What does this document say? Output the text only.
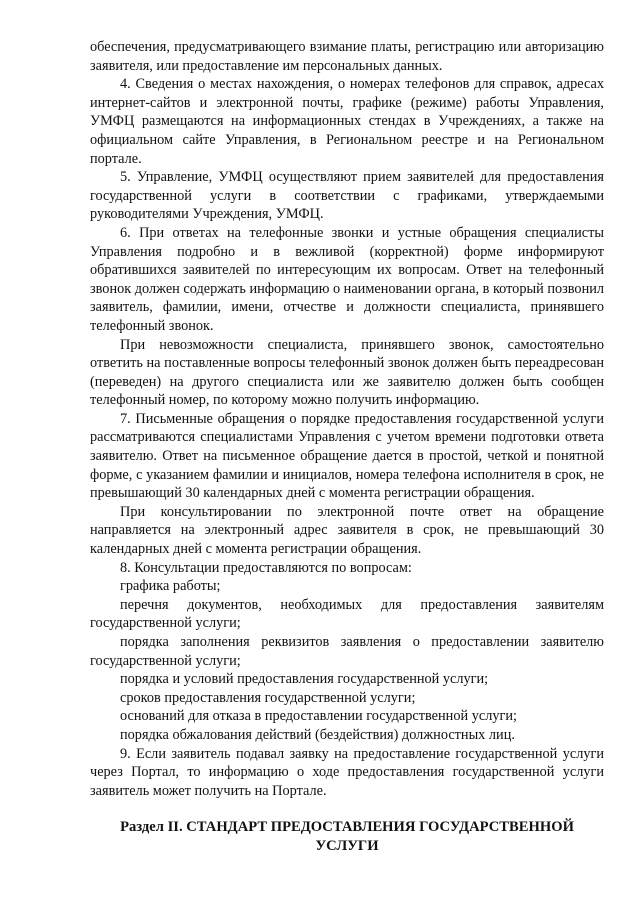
обеспечения, предусматривающего взимание платы, регистрацию или авторизацию заявителя, или предоставление им персональных данных.

4. Сведения о местах нахождения, о номерах телефонов для справок, адресах интернет-сайтов и электронной почты, графике (режиме) работы Управления, УМФЦ размещаются на информационных стендах в Учреждениях, а также на официальном сайте Управления, в Региональном реестре и на Региональном портале.

5. Управление, УМФЦ осуществляют прием заявителей для предоставления государственной услуги в соответствии с графиками, утверждаемыми руководителями Учреждения, УМФЦ.

6. При ответах на телефонные звонки и устные обращения специалисты Управления подробно и в вежливой (корректной) форме информируют обратившихся заявителей по интересующим их вопросам. Ответ на телефонный звонок должен содержать информацию о наименовании органа, в который позвонил заявитель, фамилии, имени, отчестве и должности специалиста, принявшего телефонный звонок.

При невозможности специалиста, принявшего звонок, самостоятельно ответить на поставленные вопросы телефонный звонок должен быть переадресован (переведен) на другого специалиста или же заявителю должен быть сообщен телефонный номер, по которому можно получить информацию.

7. Письменные обращения о порядке предоставления государственной услуги рассматриваются специалистами Управления с учетом времени подготовки ответа заявителю. Ответ на письменное обращение дается в простой, четкой и понятной форме, с указанием фамилии и инициалов, номера телефона исполнителя в срок, не превышающий 30 календарных дней с момента регистрации обращения.

При консультировании по электронной почте ответ на обращение направляется на электронный адрес заявителя в срок, не превышающий 30 календарных дней с момента регистрации обращения.

8. Консультации предоставляются по вопросам:

графика работы;

перечня документов, необходимых для предоставления заявителям государственной услуги;

порядка заполнения реквизитов заявления о предоставлении заявителю государственной услуги;

порядка и условий предоставления государственной услуги;

сроков предоставления государственной услуги;

оснований для отказа в предоставлении государственной услуги;

порядка обжалования действий (бездействия) должностных лиц.

9. Если заявитель подавал заявку на предоставление государственной услуги через Портал, то информацию о ходе предоставления государственной услуги заявитель может получить на Портале.

Раздел II. СТАНДАРТ ПРЕДОСТАВЛЕНИЯ ГОСУДАРСТВЕННОЙ УСЛУГИ
